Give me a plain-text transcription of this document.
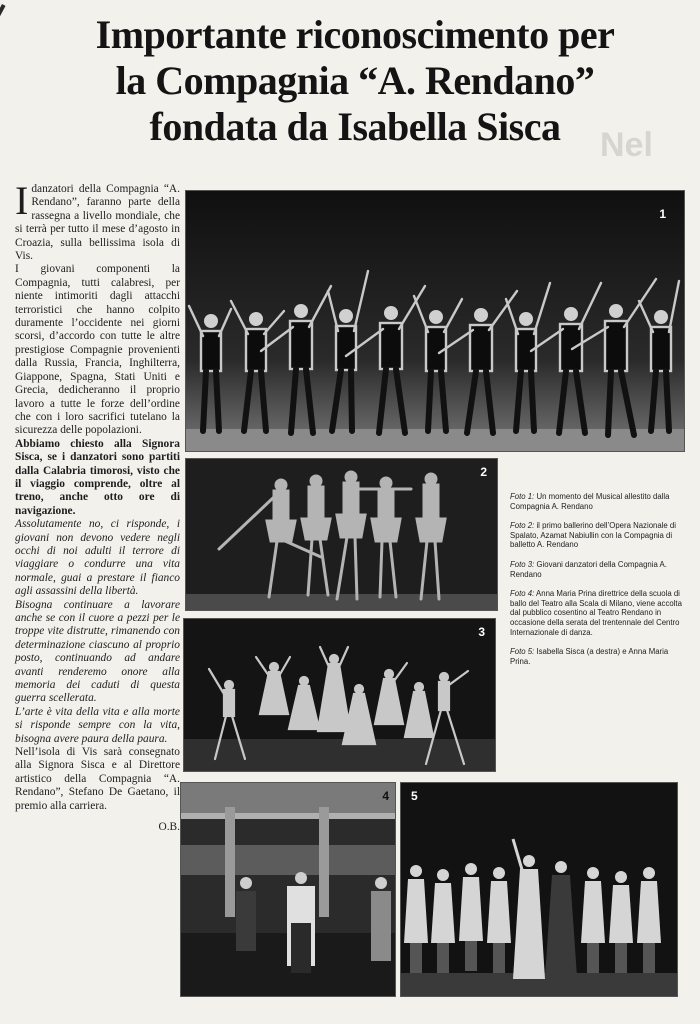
Importante riconoscimento per
la Compagnia “A. Rendano”
fondata da Isabella Sisca	Nel

Idanzatori della Compagnia “A. Rendano”, faranno parte della rassegna a livello mondiale, che si terrà per tutto il mese d’agosto in Croazia, sulla bellissima isola di Vis.

I giovani componenti la Compagnia, tutti calabresi, per niente intimoriti dagli attacchi terroristici che hanno colpito duramente l’occidente nei giorni scorsi, d’accordo con tutte le altre prestigiose Compagnie provenienti dalla Russia, Francia, Inghilterra, Giappone, Spagna, Stati Uniti e Grecia, dedicheranno il proprio lavoro a tutte le forze dell’ordine che con i loro sacrifici tutelano la sicurezza delle popolazioni.

Abbiamo chiesto alla Signora Sisca, se i danzatori sono partiti dalla Calabria timorosi, visto che il viaggio comprende, oltre al treno, anche otto ore di navigazione.

Assolutamente no, ci risponde, i giovani non devono vedere negli occhi di noi adulti il terrore di viaggiare o condurre una vita normale, guai a prestare il fianco agli assassini della libertà.

Bisogna continuare a lavorare anche se con il cuore a pezzi per le troppe vite distrutte, rimanendo con determinazione ciascuno al proprio posto, continuando ad andare avanti renderemo onore alla memoria dei caduti di questa guerra scellerata.

L’arte è vita della vita e alla morte si risponde sempre con la vita, bisogna avere paura della paura.

Nell’isola di Vis sarà consegnato alla Signora Sisca e al Direttore artistico della Compagnia “A. Rendano”, Stefano De Gaetano, il premio alla carriera.

O.B.

1
2
3
4 5
Foto 1: Un momento del Musical allestito dalla Compagnia A. Rendano
Foto 2: il primo ballerino dell’Opera Nazionale di Spalato, Azamat Nabiullin con la Compagnia di balletto A. Rendano
Foto 3: Giovani danzatori della Compagnia A. Rendano
Foto 4: Anna Maria Prina direttrice della scuola di ballo del Teatro alla Scala di Milano, viene accolta dal pubblico cosentino al Teatro Rendano in occasione della serata del trentennale del Centro Internazionale di danza.
Foto 5: Isabella Sisca (a destra) e Anna Maria Prina.
